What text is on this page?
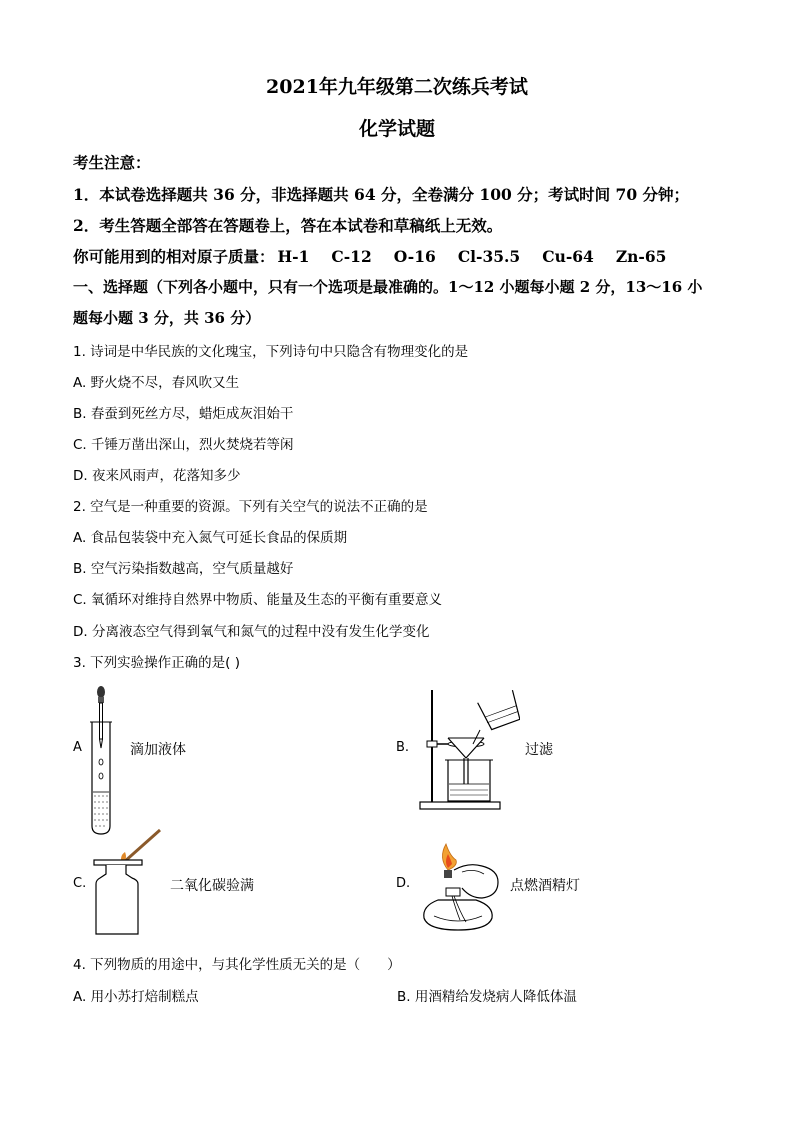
2021年九年级第二次练兵考试
化学试题
考生注意：
1．本试卷选择题共 36 分，非选择题共 64 分，全卷满分 100 分；考试时间 70 分钟；
2．考生答题全部答在答题卷上，答在本试卷和草稿纸上无效。
你可能用到的相对原子质量： H-1 C-12 O-16 Cl-35.5 Cu-64 Zn-65
一、选择题（下列各小题中，只有一个选项是最准确的。1～12 小题每小题 2 分，13～16 小
题每小题 3 分，共 36 分）
1. 诗词是中华民族的文化瑰宝，下列诗句中只隐含有物理变化的是
A. 野火烧不尽，春风吹又生
B. 春蚕到死丝方尽，蜡炬成灰泪始干
C. 千锤万凿出深山，烈火焚烧若等闲
D. 夜来风雨声，花落知多少
2. 空气是一种重要的资源。下列有关空气的说法不正确的是
A. 食品包装袋中充入氮气可延长食品的保质期
B. 空气污染指数越高，空气质量越好
C. 氧循环对维持自然界中物质、能量及生态的平衡有重要意义
D. 分离液态空气得到氧气和氮气的过程中没有发生化学变化
3. 下列实验操作正确的是( )
A	滴加液体	B.	过滤
C.	二氧化碳验满	D.	点燃酒精灯
4. 下列物质的用途中，与其化学性质无关的是（　　）
A. 用小苏打焙制糕点	B. 用酒精给发烧病人降低体温
